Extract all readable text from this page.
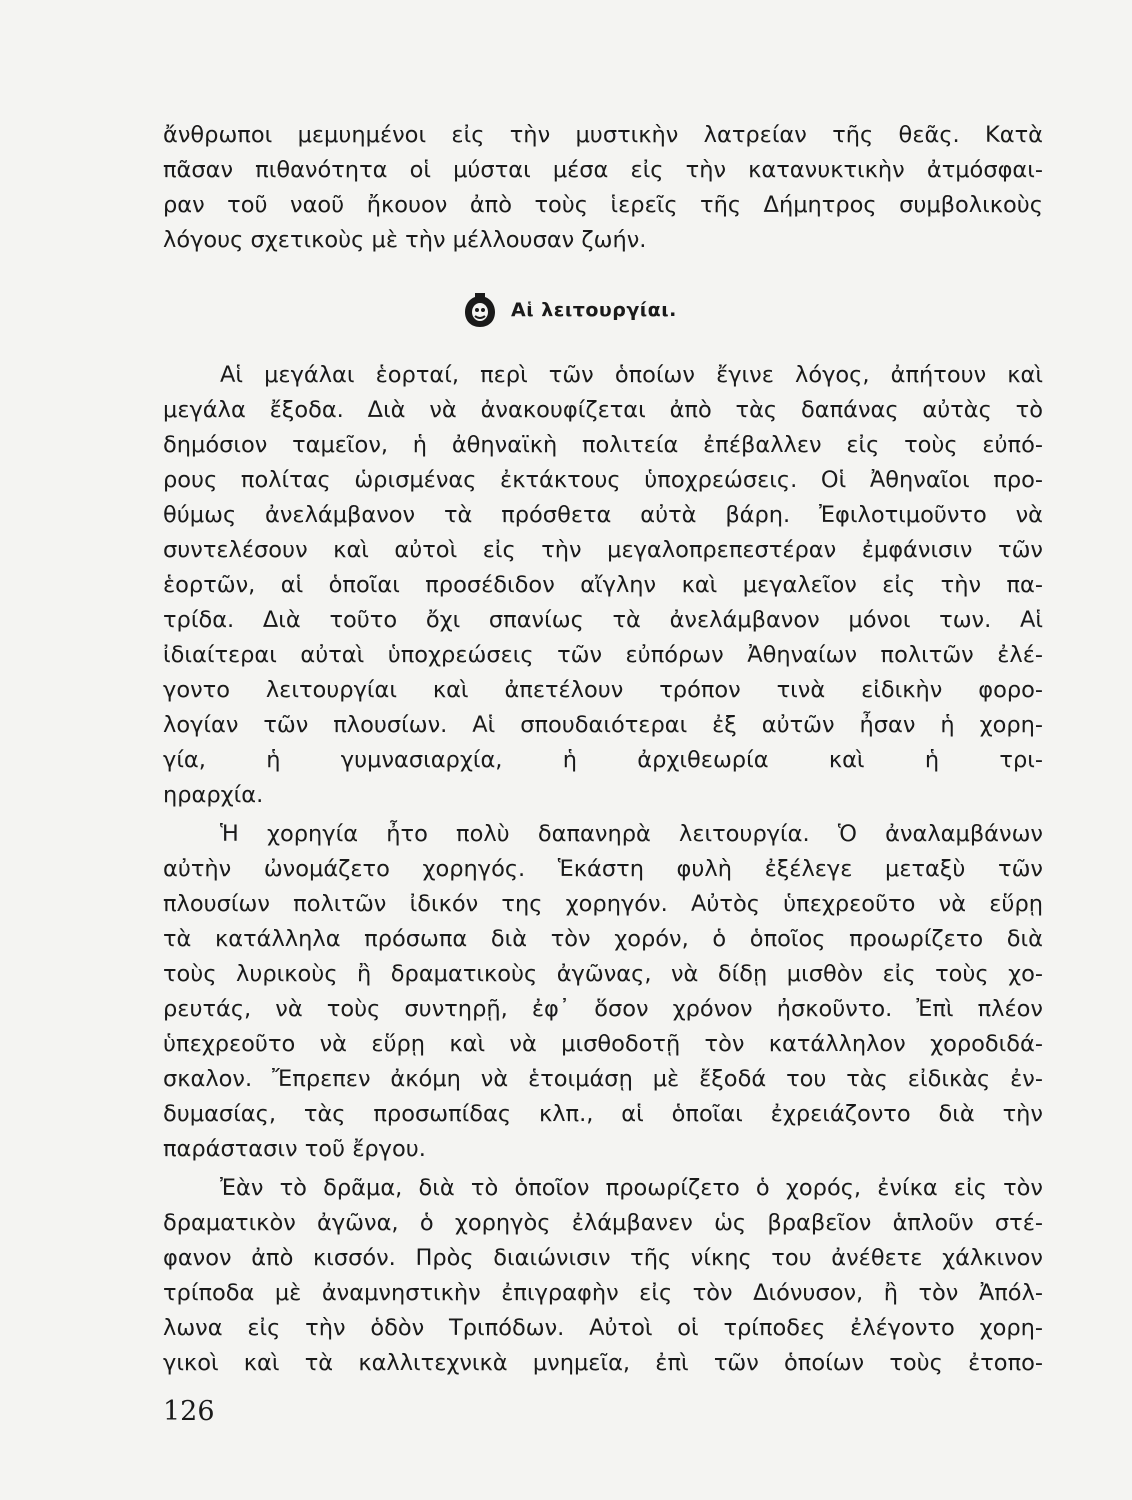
ἄνθρωποι μεμυημένοι εἰς τὴν μυστικὴν λατρείαν τῆς θεᾶς. Κατὰ
πᾶσαν πιθανότητα οἱ μύσται μέσα εἰς τὴν κατανυκτικὴν ἀτμόσφαι-
ραν τοῦ ναοῦ ἤκουον ἀπὸ τοὺς ἱερεῖς τῆς Δήμητρος συμβολικοὺς
λόγους σχετικοὺς μὲ τὴν μέλλουσαν ζωήν.
Αἱ λειτουργίαι.
Αἱ μεγάλαι ἑορταί, περὶ τῶν ὁποίων ἔγινε λόγος, ἀπήτουν καὶ
μεγάλα ἔξοδα. Διὰ νὰ ἀνακουφίζεται ἀπὸ τὰς δαπάνας αὐτὰς τὸ
δημόσιον ταμεῖον, ἡ ἀθηναϊκὴ πολιτεία ἐπέβαλλεν εἰς τοὺς εὐπό-
ρους πολίτας ὡρισμένας ἐκτάκτους ὑποχρεώσεις. Οἱ Ἀθηναῖοι προ-
θύμως ἀνελάμβανον τὰ πρόσθετα αὐτὰ βάρη. Ἐφιλοτιμοῦντο νὰ
συντελέσουν καὶ αὐτοὶ εἰς τὴν μεγαλοπρεπεστέραν ἐμφάνισιν τῶν
ἑορτῶν, αἱ ὁποῖαι προσέδιδον αἴγλην καὶ μεγαλεῖον εἰς τὴν πα-
τρίδα. Διὰ τοῦτο ὄχι σπανίως τὰ ἀνελάμβανον μόνοι των. Αἱ
ἰδιαίτεραι αὐταὶ ὑποχρεώσεις τῶν εὐπόρων Ἀθηναίων πολιτῶν ἐλέ-
γοντο λειτουργίαι καὶ ἀπετέλουν τρόπον τινὰ εἰδικὴν φορο-
λογίαν τῶν πλουσίων. Αἱ σπουδαιότεραι ἐξ αὐτῶν ἦσαν ἡ χορη-
γία, ἡ γυμνασιαρχία, ἡ ἀρχιθεωρία καὶ ἡ τρι-
ηραρχία.
Ἡ χορηγία ἦτο πολὺ δαπανηρὰ λειτουργία. Ὁ ἀναλαμβάνων
αὐτὴν ὠνομάζετο χορηγός. Ἑκάστη φυλὴ ἐξέλεγε μεταξὺ τῶν
πλουσίων πολιτῶν ἰδικόν της χορηγόν. Αὐτὸς ὑπεχρεοῦτο νὰ εὕρῃ
τὰ κατάλληλα πρόσωπα διὰ τὸν χορόν, ὁ ὁποῖος προωρίζετο διὰ
τοὺς λυρικοὺς ἢ δραματικοὺς ἀγῶνας, νὰ δίδῃ μισθὸν εἰς τοὺς χο-
ρευτάς, νὰ τοὺς συντηρῇ, ἐφ᾿ ὅσον χρόνον ἠσκοῦντο. Ἐπὶ πλέον
ὑπεχρεοῦτο νὰ εὕρῃ καὶ νὰ μισθοδοτῇ τὸν κατάλληλον χοροδιδά-
σκαλον. Ἔπρεπεν ἀκόμη νὰ ἑτοιμάσῃ μὲ ἔξοδά του τὰς εἰδικὰς ἐν-
δυμασίας, τὰς προσωπίδας κλπ., αἱ ὁποῖαι ἐχρειάζοντο διὰ τὴν
παράστασιν τοῦ ἔργου.
Ἐὰν τὸ δρᾶμα, διὰ τὸ ὁποῖον προωρίζετο ὁ χορός, ἐνίκα εἰς τὸν
δραματικὸν ἀγῶνα, ὁ χορηγὸς ἐλάμβανεν ὡς βραβεῖον ἁπλοῦν στέ-
φανον ἀπὸ κισσόν. Πρὸς διαιώνισιν τῆς νίκης του ἀνέθετε χάλκινον
τρίποδα μὲ ἀναμνηστικὴν ἐπιγραφὴν εἰς τὸν Διόνυσον, ἢ τὸν Ἀπόλ-
λωνα εἰς τὴν ὁδὸν Τριπόδων. Αὐτοὶ οἱ τρίποδες ἐλέγοντο χορη-
γικοὶ καὶ τὰ καλλιτεχνικὰ μνημεῖα, ἐπὶ τῶν ὁποίων τοὺς ἐτοπο-
126
